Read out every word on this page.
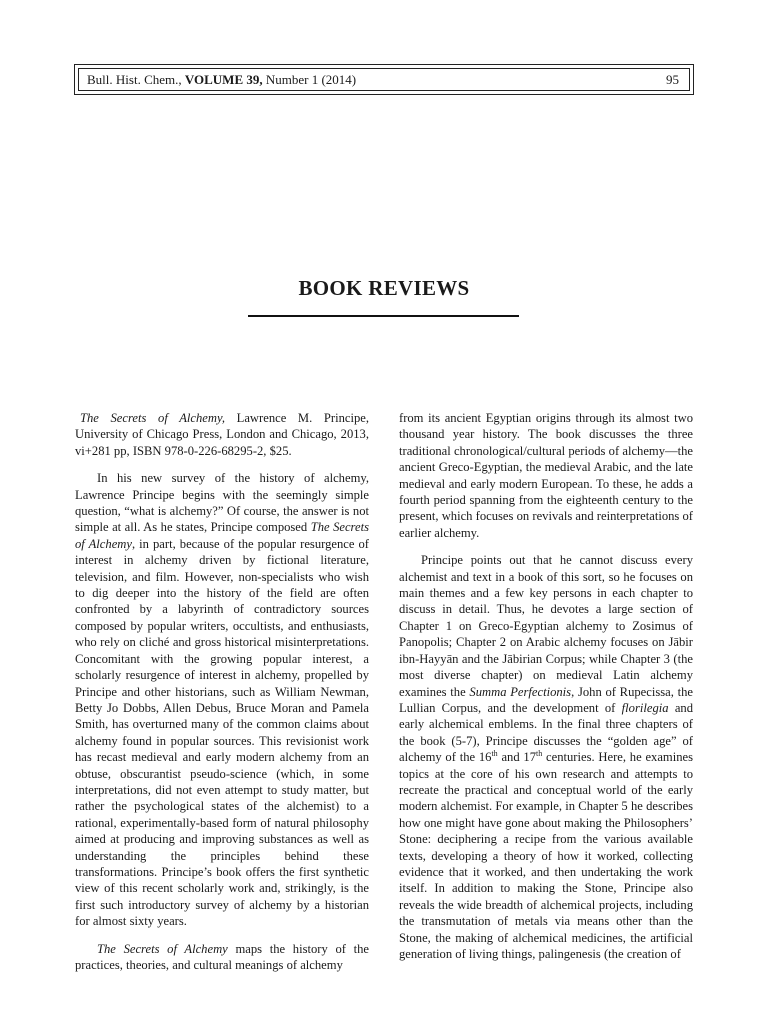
Bull. Hist. Chem., VOLUME 39, Number 1 (2014)	95
BOOK REVIEWS

The Secrets of Alchemy, Lawrence M. Principe, University of Chicago Press, London and Chicago, 2013, vi+281 pp, ISBN 978-0-226-68295-2, $25.

In his new survey of the history of alchemy, Lawrence Principe begins with the seemingly simple question, “what is alchemy?” Of course, the answer is not simple at all. As he states, Principe composed The Secrets of Alchemy, in part, because of the popular resurgence of interest in alchemy driven by fictional literature, television, and film. However, non-specialists who wish to dig deeper into the history of the field are often confronted by a labyrinth of contradictory sources composed by popular writers, occultists, and enthusiasts, who rely on cliché and gross historical misinterpretations. Concomitant with the growing popular interest, a scholarly resurgence of interest in alchemy, propelled by Principe and other historians, such as William Newman, Betty Jo Dobbs, Allen Debus, Bruce Moran and Pamela Smith, has overturned many of the common claims about alchemy found in popular sources. This revisionist work has recast medieval and early modern alchemy from an obtuse, obscurantist pseudo-science (which, in some interpretations, did not even attempt to study matter, but rather the psychological states of the alchemist) to a rational, experimentally-based form of natural philosophy aimed at producing and improving substances as well as understanding the principles behind these transformations. Principe’s book offers the first synthetic view of this recent scholarly work and, strikingly, is the first such introductory survey of alchemy by a historian for almost sixty years.

The Secrets of Alchemy maps the history of the practices, theories, and cultural meanings of alchemy

from its ancient Egyptian origins through its almost two thousand year history. The book discusses the three traditional chronological/cultural periods of alchemy—the ancient Greco-Egyptian, the medieval Arabic, and the late medieval and early modern European. To these, he adds a fourth period spanning from the eighteenth century to the present, which focuses on revivals and reinterpretations of earlier alchemy.

Principe points out that he cannot discuss every alchemist and text in a book of this sort, so he focuses on main themes and a few key persons in each chapter to discuss in detail. Thus, he devotes a large section of Chapter 1 on Greco-Egyptian alchemy to Zosimus of Panopolis; Chapter 2 on Arabic alchemy focuses on Jābir ibn-Hayyān and the Jābirian Corpus; while Chapter 3 (the most diverse chapter) on medieval Latin alchemy examines the Summa Perfectionis, John of Rupecissa, the Lullian Corpus, and the development of florilegia and early alchemical emblems. In the final three chapters of the book (5-7), Principe discusses the “golden age” of alchemy of the 16th and 17th centuries. Here, he examines topics at the core of his own research and attempts to recreate the practical and conceptual world of the early modern alchemist. For example, in Chapter 5 he describes how one might have gone about making the Philosophers’ Stone: deciphering a recipe from the various available texts, developing a theory of how it worked, collecting evidence that it worked, and then undertaking the work itself. In addition to making the Stone, Principe also reveals the wide breadth of alchemical projects, including the transmutation of metals via means other than the Stone, the making of alchemical medicines, the artificial generation of living things, palingenesis (the creation of
